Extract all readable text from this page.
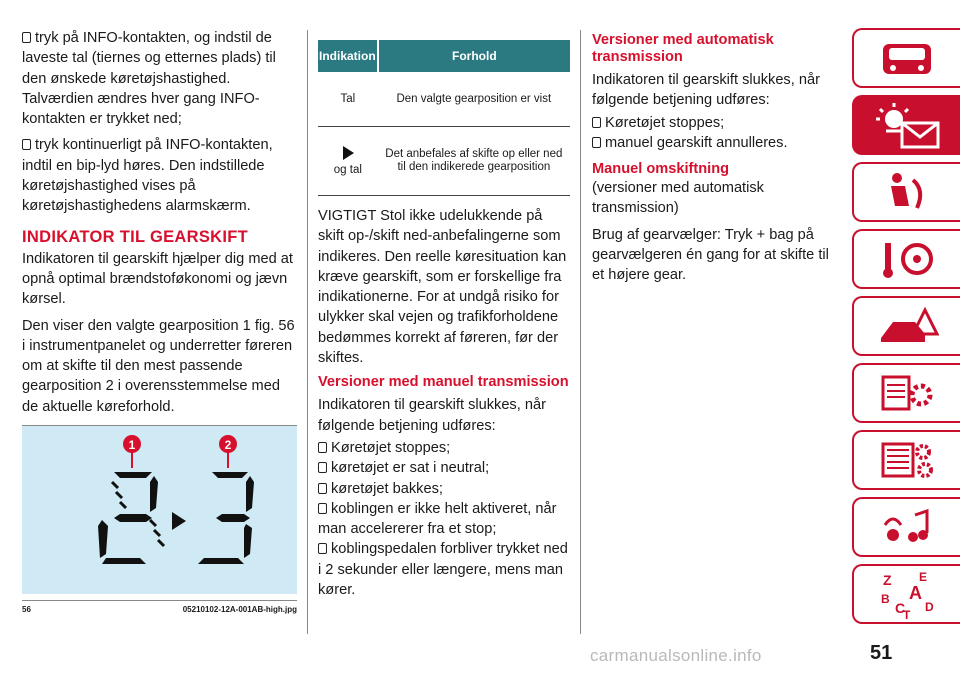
tryk på INFO-kontakten, og indstil de laveste tal (tiernes og etternes plads) til den ønskede køretøjshastighed. Talværdien ændres hver gang INFO-kontakten er trykket ned;

tryk kontinuerligt på INFO-kontakten, indtil en bip-lyd høres. Den indstillede køretøjshastighed vises på køretøjshastighedens alarmskærm.

INDIKATOR TIL GEARSKIFT

Indikatoren til gearskift hjælper dig med at opnå optimal brændstoføkonomi og jævn kørsel.

Den viser den valgte gearposition 1 fig. 56 i instrumentpanelet og underretter føreren om at skifte til den mest passende gearposition 2 i overensstemmelse med de aktuelle køreforhold.

1	2
56	05210102-12A-001AB-high.jpg
Indikation	Forhold
Tal	Den valgte gearposition er vist

og tal	Det anbefales af skifte op eller ned til den indikerede gearposition

VIGTIGT Stol ikke udelukkende på skift op-/skift ned-anbefalingerne som indikeres. Den reelle køresituation kan kræve gearskift, som er forskellige fra indikationerne. For at undgå risiko for ulykker skal vejen og trafikforholdene bedømmes korrekt af føreren, før der skiftes.

Versioner med manuel transmission

Indikatoren til gearskift slukkes, når følgende betjening udføres:

Køretøjet stoppes;

køretøjet er sat i neutral;

køretøjet bakkes;

koblingen er ikke helt aktiveret, når man accelererer fra et stop;

koblingspedalen forbliver trykket ned i 2 sekunder eller længere, mens man kører.

Versioner med automatisk transmission

Indikatoren til gearskift slukkes, når følgende betjening udføres:

Køretøjet stoppes;

manuel gearskift annulleres.

Manuel omskiftning

(versioner med automatisk transmission)

Brug af gearvælger: Tryk + bag på gearvælgeren én gang for at skifte til et højere gear.

Z E
B A
C D
T
51
carmanualsonline.info
